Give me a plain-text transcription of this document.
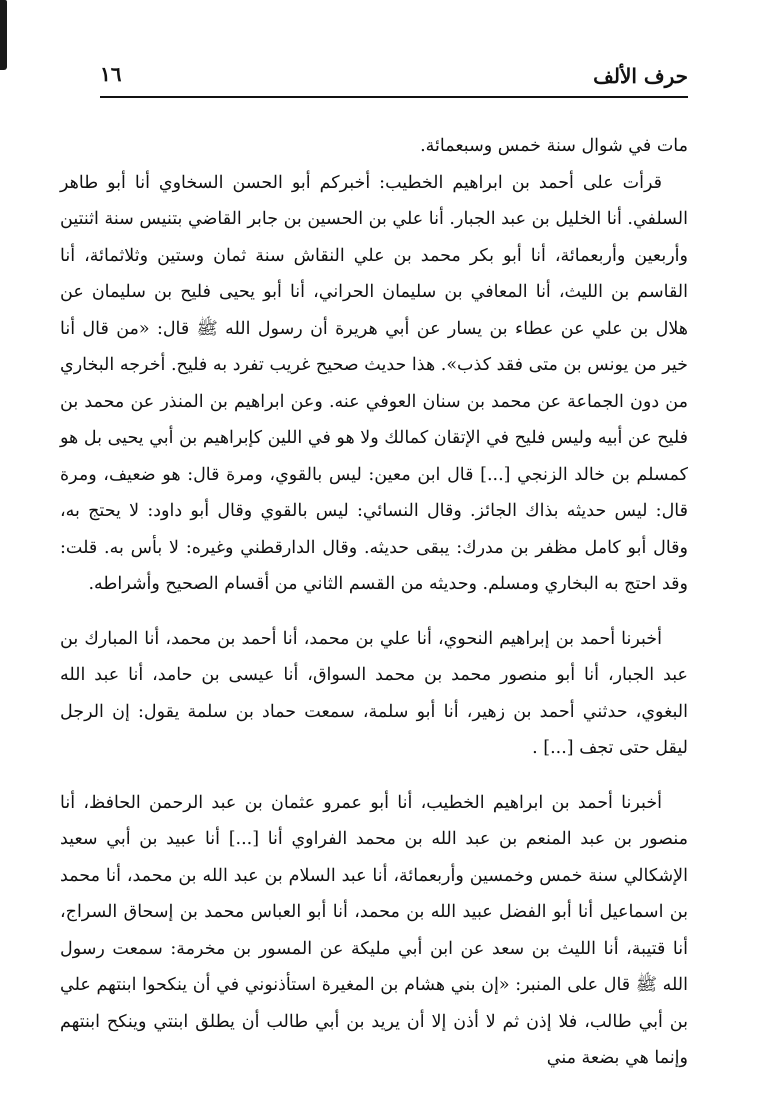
حرف الألف
١٦

مات في شوال سنة خمس وسبعمائة.

قرأت على أحمد بن ابراهيم الخطيب: أخبركم أبو الحسن السخاوي أنا أبو طاهر السلفي. أنا الخليل بن عبد الجبار. أنا علي بن الحسين بن جابر القاضي بتنيس سنة اثنتين وأربعين وأربعمائة، أنا أبو بكر محمد بن علي النقاش سنة ثمان وستين وثلاثمائة، أنا القاسم بن الليث، أنا المعافي بن سليمان الحراني، أنا أبو يحيى فليح بن سليمان عن هلال بن علي عن عطاء بن يسار عن أبي هريرة أن رسول الله ﷺ قال: «من قال أنا خير من يونس بن متى فقد كذب». هذا حديث صحيح غريب تفرد به فليح. أخرجه البخاري من دون الجماعة عن محمد بن سنان العوفي عنه. وعن ابراهيم بن المنذر عن محمد بن فليح عن أبيه وليس فليح في الإتقان كمالك ولا هو في اللين كإبراهيم بن أبي يحيى بل هو كمسلم بن خالد الزنجي [...] قال ابن معين: ليس بالقوي، ومرة قال: هو ضعيف، ومرة قال: ليس حديثه بذاك الجائز. وقال النسائي: ليس بالقوي وقال أبو داود: لا يحتج به، وقال أبو كامل مظفر بن مدرك: يبقى حديثه. وقال الدارقطني وغيره: لا بأس به. قلت: وقد احتج به البخاري ومسلم. وحديثه من القسم الثاني من أقسام الصحيح وأشراطه.

أخبرنا أحمد بن إبراهيم النحوي، أنا علي بن محمد، أنا أحمد بن محمد، أنا المبارك بن عبد الجبار، أنا أبو منصور محمد بن محمد السواق، أنا عيسى بن حامد، أنا عبد الله البغوي، حدثني أحمد بن زهير، أنا أبو سلمة، سمعت حماد بن سلمة يقول: إن الرجل ليقل حتى تجف [...] .

أخبرنا أحمد بن ابراهيم الخطيب، أنا أبو عمرو عثمان بن عبد الرحمن الحافظ، أنا منصور بن عبد المنعم بن عبد الله بن محمد الفراوي أنا [...] أنا عبيد بن أبي سعيد الإشكالي سنة خمس وخمسين وأربعمائة، أنا عبد السلام بن عبد الله بن محمد، أنا محمد بن اسماعيل أنا أبو الفضل عبيد الله بن محمد، أنا أبو العباس محمد بن إسحاق السراج، أنا قتيبة، أنا الليث بن سعد عن ابن أبي مليكة عن المسور بن مخرمة: سمعت رسول الله ﷺ قال على المنبر: «إن بني هشام بن المغيرة استأذنوني في أن ينكحوا ابنتهم علي بن أبي طالب، فلا إذن ثم لا أذن إلا أن يريد بن أبي طالب أن يطلق ابنتي وينكح ابنتهم وإنما هي بضعة مني
